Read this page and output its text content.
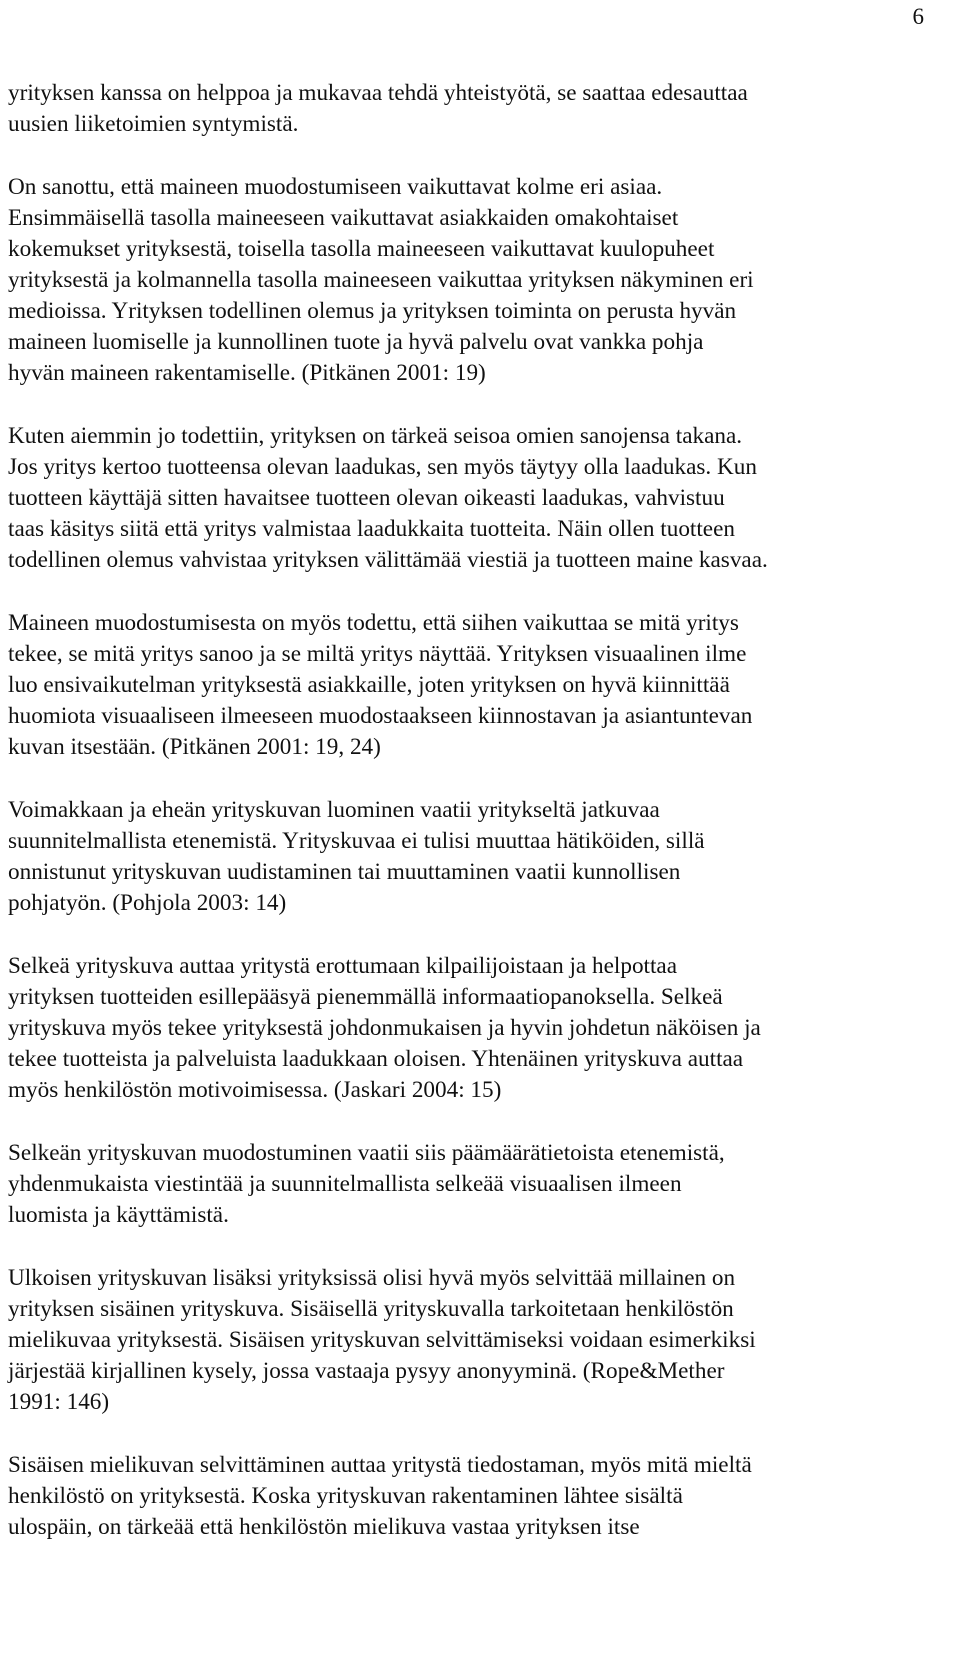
6

yrityksen kanssa on helppoa ja mukavaa tehdä yhteistyötä, se saattaa edesauttaa
uusien liiketoimien syntymistä.

On sanottu, että maineen muodostumiseen vaikuttavat kolme eri asiaa.
Ensimmäisellä tasolla maineeseen vaikuttavat asiakkaiden omakohtaiset
kokemukset yrityksestä, toisella tasolla maineeseen vaikuttavat kuulopuheet
yrityksestä ja kolmannella tasolla maineeseen vaikuttaa yrityksen näkyminen eri
medioissa. Yrityksen todellinen olemus ja yrityksen toiminta on perusta hyvän
maineen luomiselle ja kunnollinen tuote ja hyvä palvelu ovat vankka pohja
hyvän maineen rakentamiselle. (Pitkänen 2001: 19)

Kuten aiemmin jo todettiin, yrityksen on tärkeä seisoa omien sanojensa takana.
Jos yritys kertoo tuotteensa olevan laadukas, sen myös täytyy olla laadukas. Kun
tuotteen käyttäjä sitten havaitsee tuotteen olevan oikeasti laadukas, vahvistuu
taas käsitys siitä että yritys valmistaa laadukkaita tuotteita. Näin ollen tuotteen
todellinen olemus vahvistaa yrityksen välittämää viestiä ja tuotteen maine kasvaa.

Maineen muodostumisesta on myös todettu, että siihen vaikuttaa se mitä yritys
tekee, se mitä yritys sanoo ja se miltä yritys näyttää. Yrityksen visuaalinen ilme
luo ensivaikutelman yrityksestä asiakkaille, joten yrityksen on hyvä kiinnittää
huomiota visuaaliseen ilmeeseen muodostaakseen kiinnostavan ja asiantuntevan
kuvan itsestään. (Pitkänen 2001: 19, 24)

Voimakkaan ja eheän yrityskuvan luominen vaatii yritykseltä jatkuvaa
suunnitelmallista etenemistä. Yrityskuvaa ei tulisi muuttaa hätiköiden, sillä
onnistunut yrityskuvan uudistaminen tai muuttaminen vaatii kunnollisen
pohjatyön. (Pohjola 2003: 14)

Selkeä yrityskuva auttaa yritystä erottumaan kilpailijoistaan ja helpottaa
yrityksen tuotteiden esillepääsyä pienemmällä informaatiopanoksella. Selkeä
yrityskuva myös tekee yrityksestä johdonmukaisen ja hyvin johdetun näköisen ja
tekee tuotteista ja palveluista laadukkaan oloisen. Yhtenäinen yrityskuva auttaa
myös henkilöstön motivoimisessa. (Jaskari 2004: 15)

Selkeän yrityskuvan muodostuminen vaatii siis päämäärätietoista etenemistä,
yhdenmukaista viestintää ja suunnitelmallista selkeää visuaalisen ilmeen
luomista ja käyttämistä.

Ulkoisen yrityskuvan lisäksi yrityksissä olisi hyvä myös selvittää millainen on
yrityksen sisäinen yrityskuva. Sisäisellä yrityskuvalla tarkoitetaan henkilöstön
mielikuvaa yrityksestä. Sisäisen yrityskuvan selvittämiseksi voidaan esimerkiksi
järjestää kirjallinen kysely, jossa vastaaja pysyy anonyyminä. (Rope&Mether
1991: 146)

Sisäisen mielikuvan selvittäminen auttaa yritystä tiedostaman, myös mitä mieltä
henkilöstö on yrityksestä. Koska yrityskuvan rakentaminen lähtee sisältä
ulospäin, on tärkeää että henkilöstön mielikuva vastaa yrityksen itse
